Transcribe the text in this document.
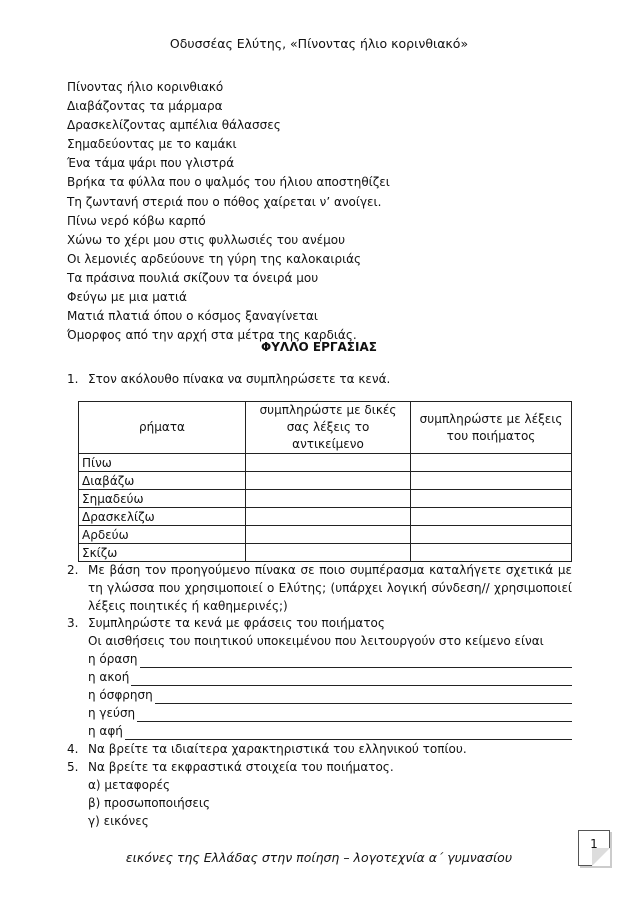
Οδυσσέας Ελύτης, «Πίνοντας ήλιο κορινθιακό»
Πίνοντας ήλιο κορινθιακό
Διαβάζοντας τα μάρμαρα
Δρασκελίζοντας αμπέλια θάλασσες
Σημαδεύοντας με το καμάκι
Ένα τάμα ψάρι που γλιστρά
Βρήκα τα φύλλα που ο ψαλμός του ήλιου αποστηθίζει
Τη ζωντανή στεριά που ο πόθος χαίρεται ν’ ανοίγει.
Πίνω νερό κόβω καρπό
Χώνω το χέρι μου στις φυλλωσιές του ανέμου
Οι λεμονιές αρδεύουνε τη γύρη της καλοκαιριάς
Τα πράσινα πουλιά σκίζουν τα όνειρά μου
Φεύγω με μια ματιά
Ματιά πλατιά όπου ο κόσμος ξαναγίνεται
Όμορφος από την αρχή στα μέτρα της καρδιάς.
ΦΥΛΛΟ ΕΡΓΑΣΙΑΣ
1. Στον ακόλουθο πίνακα να συμπληρώσετε τα κενά.
ρήματα	συμπληρώστε με δικές σας λέξεις το αντικείμενο	συμπληρώστε με λέξεις του ποιήματος
Πίνω		
Διαβάζω		
Σημαδεύω		
Δρασκελίζω		
Αρδεύω		
Σκίζω		
2. Με βάση τον προηγούμενο πίνακα σε ποιο συμπέρασμα καταλήγετε σχετικά με τη γλώσσα που χρησιμοποιεί ο Ελύτης; (υπάρχει λογική σύνδεση// χρησιμοποιεί λέξεις ποιητικές ή καθημερινές;)
3. Συμπληρώστε τα κενά με φράσεις του ποιήματος
Οι αισθήσεις του ποιητικού υποκειμένου που λειτουργούν στο κείμενο είναι
η όραση
η ακοή
η όσφρηση
η γεύση
η αφή
4. Να βρείτε τα ιδιαίτερα χαρακτηριστικά του ελληνικού τοπίου.
5. Να βρείτε τα εκφραστικά στοιχεία του ποιήματος.
α) μεταφορές
β) προσωποποιήσεις
γ) εικόνες
1
εικόνες της Ελλάδας στην ποίηση – λογοτεχνία α΄ γυμνασίου
